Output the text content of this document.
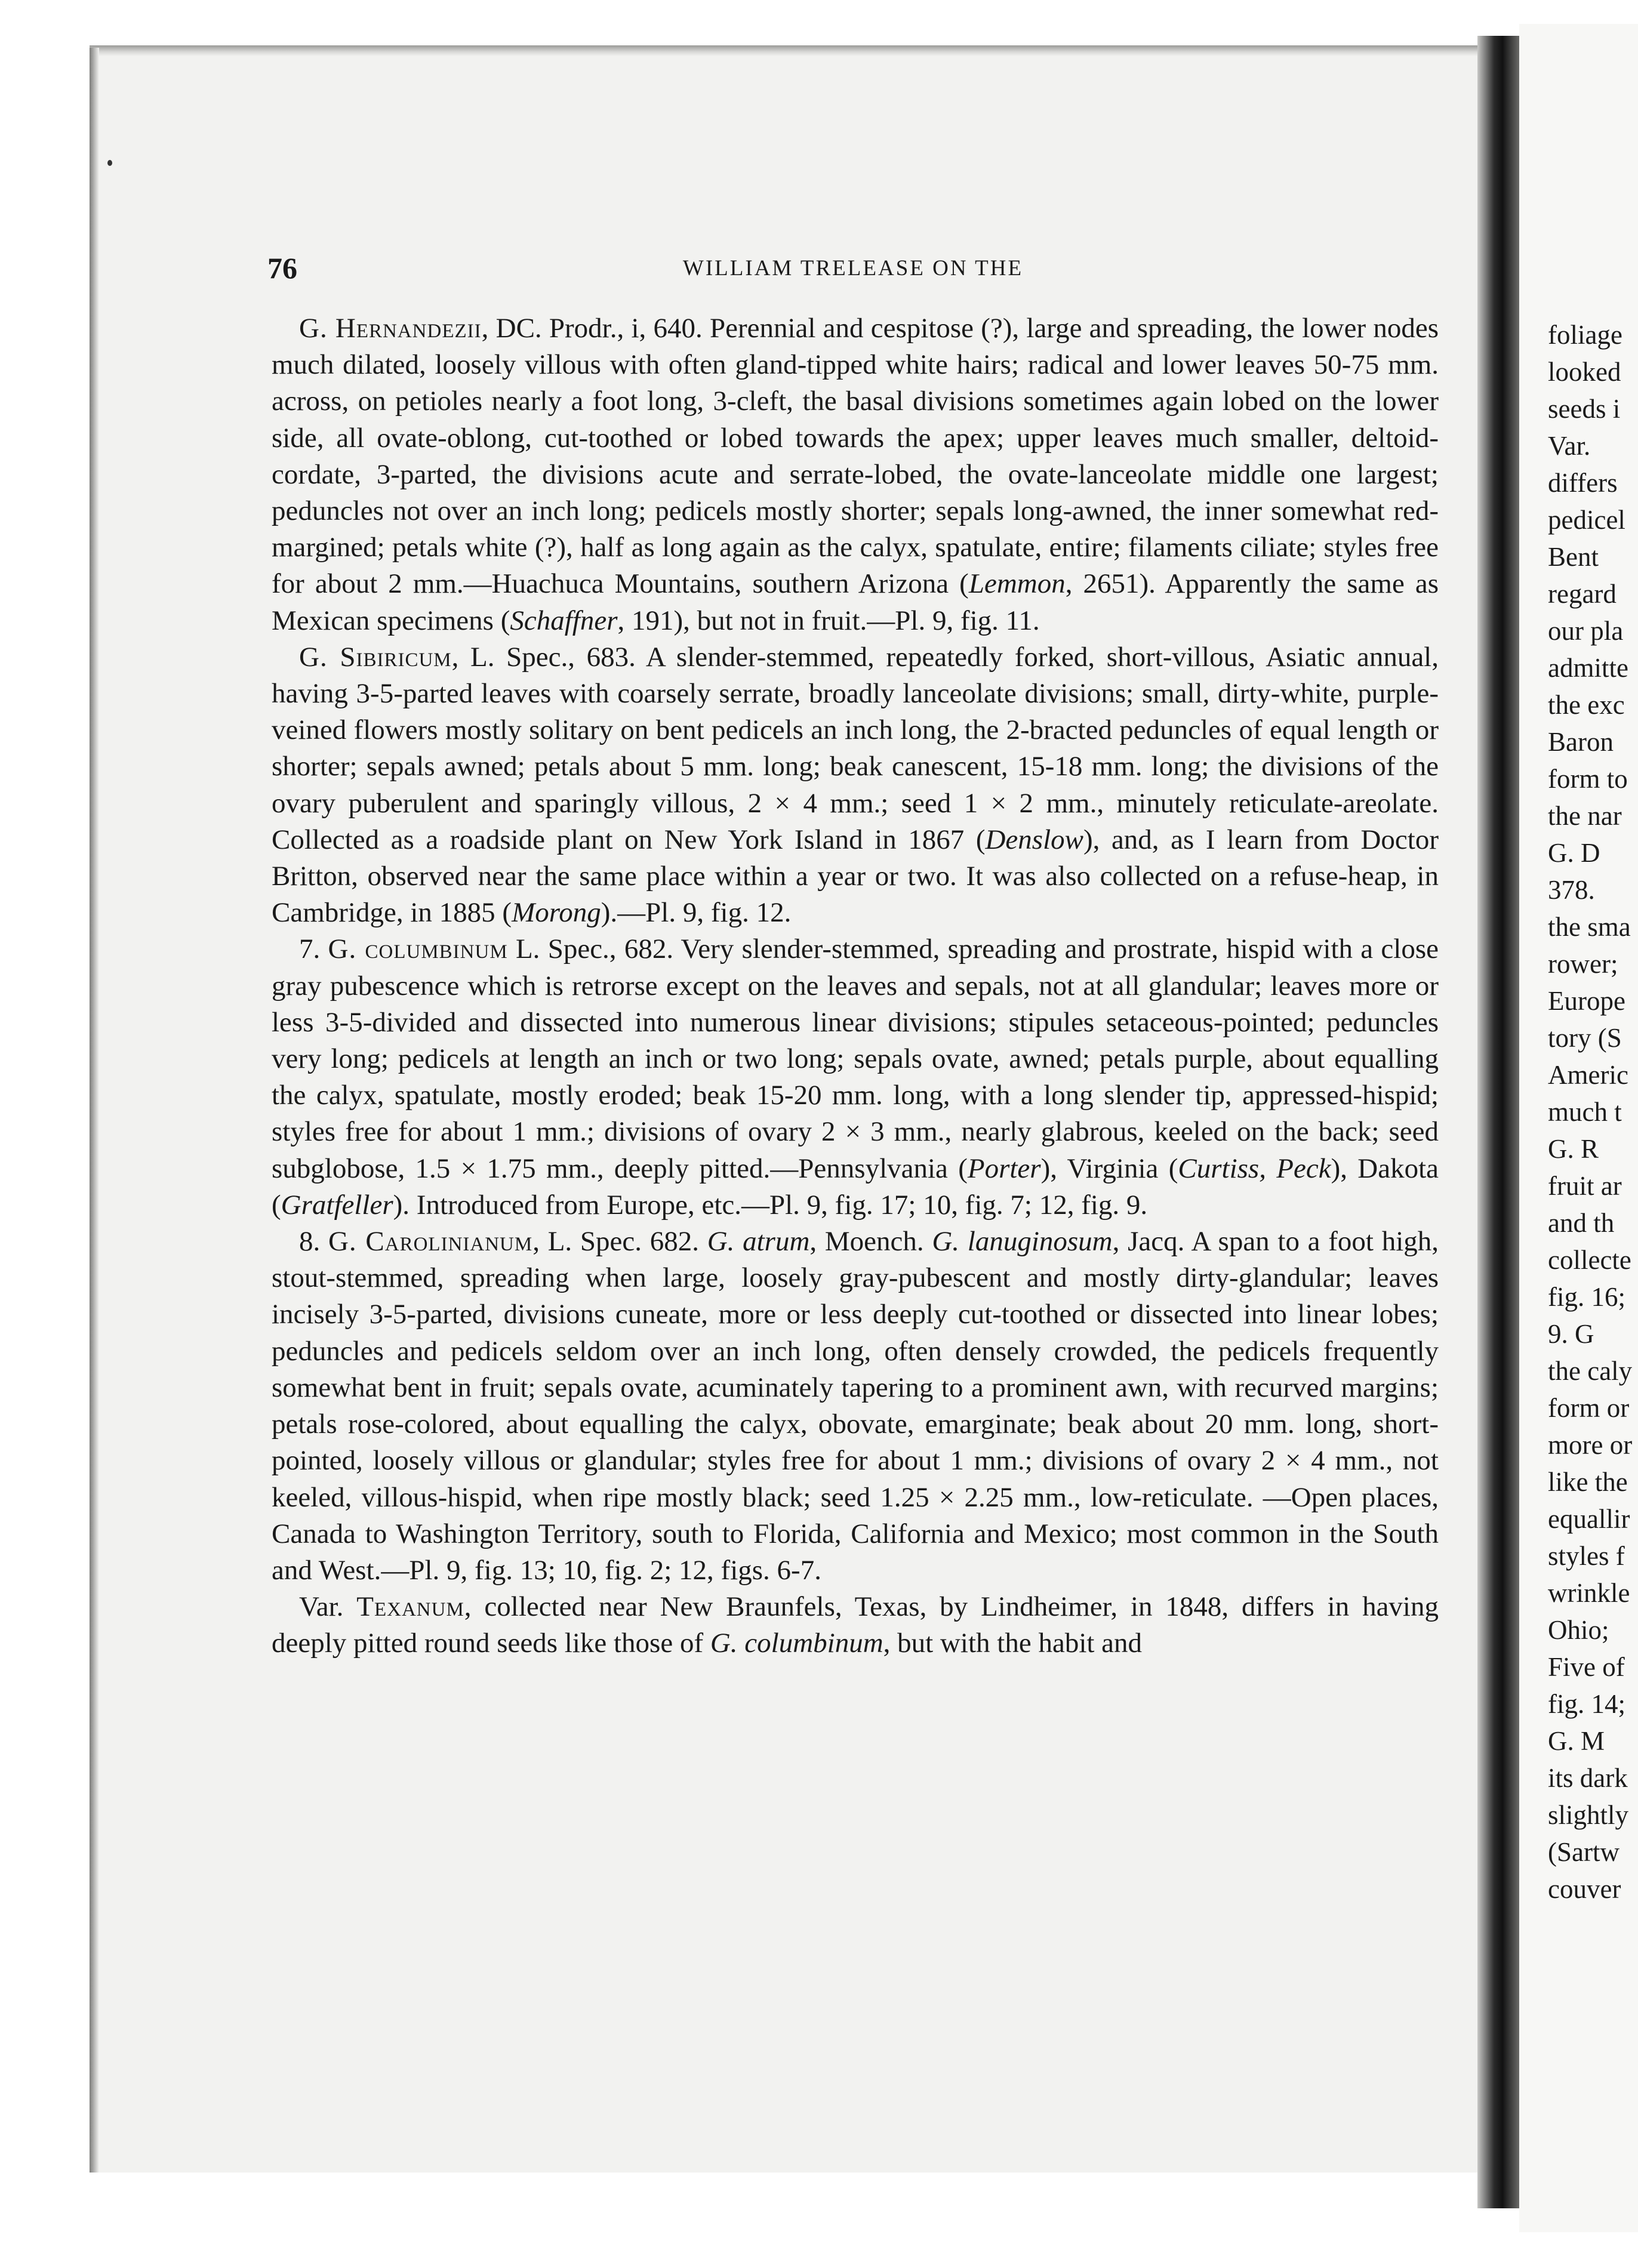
foliage
looked
seeds i
Var.
differs
pedicel
Bent
regard
our pla
admitte
the exc
Baron
form to
the nar
G. D
378.
the sma
rower;
Europe
tory (S
Americ
much t
G. R
fruit ar
and th
collecte
fig. 16;
9. G
the caly
form or
more or
like the
equallir
styles f
wrinkle
Ohio;
Five of
fig. 14;
G. M
its dark
slightly
(Sartw
couver
76	WILLIAM TRELEASE ON THE

G. Hernandezii, DC. Prodr., i, 640. Perennial and cespitose (?), large and spreading, the lower nodes much dilated, loosely villous with often gland-tipped white hairs; radical and lower leaves 50-75 mm. across, on petioles nearly a foot long, 3-cleft, the basal divisions sometimes again lobed on the lower side, all ovate-oblong, cut-toothed or lobed towards the apex; upper leaves much smaller, deltoid-cordate, 3-parted, the divisions acute and serrate-lobed, the ovate-lanceolate middle one largest; peduncles not over an inch long; pedicels mostly shorter; sepals long-awned, the inner somewhat red-margined; petals white (?), half as long again as the calyx, spatulate, entire; filaments ciliate; styles free for about 2 mm.—Huachuca Mountains, southern Arizona (Lemmon, 2651). Apparently the same as Mexican specimens (Schaffner, 191), but not in fruit.—Pl. 9, fig. 11.

G. Sibiricum, L. Spec., 683. A slender-stemmed, repeatedly forked, short-villous, Asiatic annual, having 3-5-parted leaves with coarsely serrate, broadly lanceolate divisions; small, dirty-white, purple-veined flowers mostly solitary on bent pedicels an inch long, the 2-bracted peduncles of equal length or shorter; sepals awned; petals about 5 mm. long; beak canescent, 15-18 mm. long; the divisions of the ovary puberulent and sparingly villous, 2 × 4 mm.; seed 1 × 2 mm., minutely reticulate-areolate. Collected as a roadside plant on New York Island in 1867 (Denslow), and, as I learn from Doctor Britton, observed near the same place within a year or two. It was also collected on a refuse-heap, in Cambridge, in 1885 (Morong).—Pl. 9, fig. 12.

7. G. columbinum L. Spec., 682. Very slender-stemmed, spreading and prostrate, hispid with a close gray pubescence which is retrorse except on the leaves and sepals, not at all glandular; leaves more or less 3-5-divided and dissected into numerous linear divisions; stipules setaceous-pointed; peduncles very long; pedicels at length an inch or two long; sepals ovate, awned; petals purple, about equalling the calyx, spatulate, mostly eroded; beak 15-20 mm. long, with a long slender tip, appressed-hispid; styles free for about 1 mm.; divisions of ovary 2 × 3 mm., nearly glabrous, keeled on the back; seed subglobose, 1.5 × 1.75 mm., deeply pitted.—Pennsylvania (Porter), Virginia (Curtiss, Peck), Dakota (Gratfeller). Introduced from Europe, etc.—Pl. 9, fig. 17; 10, fig. 7; 12, fig. 9.

8. G. Carolinianum, L. Spec. 682. G. atrum, Moench. G. lanuginosum, Jacq. A span to a foot high, stout-stemmed, spreading when large, loosely gray-pubescent and mostly dirty-glandular; leaves incisely 3-5-parted, divisions cuneate, more or less deeply cut-toothed or dissected into linear lobes; peduncles and pedicels seldom over an inch long, often densely crowded, the pedicels frequently somewhat bent in fruit; sepals ovate, acuminately tapering to a prominent awn, with recurved margins; petals rose-colored, about equalling the calyx, obovate, emarginate; beak about 20 mm. long, short-pointed, loosely villous or glandular; styles free for about 1 mm.; divisions of ovary 2 × 4 mm., not keeled, villous-hispid, when ripe mostly black; seed 1.25 × 2.25 mm., low-reticulate. —Open places, Canada to Washington Territory, south to Florida, California and Mexico; most common in the South and West.—Pl. 9, fig. 13; 10, fig. 2; 12, figs. 6-7.

Var. Texanum, collected near New Braunfels, Texas, by Lindheimer, in 1848, differs in having deeply pitted round seeds like those of G. columbinum, but with the habit and
